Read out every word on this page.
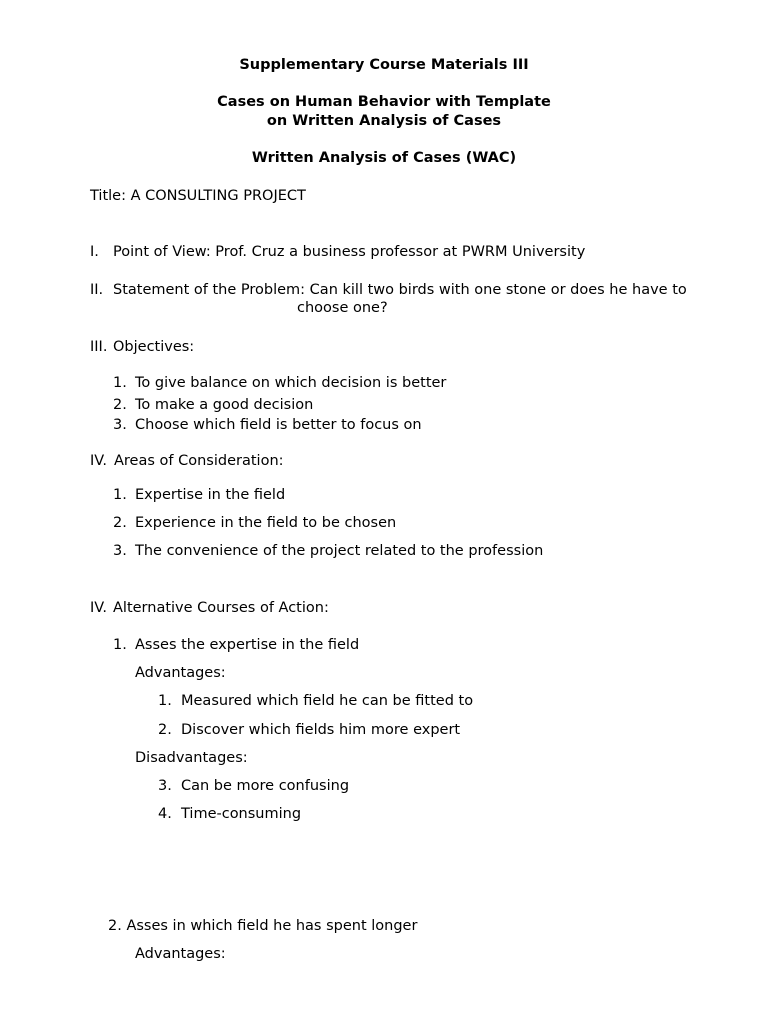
Supplementary Course Materials III
Cases on Human Behavior with Template
on Written Analysis of Cases
Written Analysis of Cases (WAC)
Title: A CONSULTING PROJECT
I. Point of View: Prof. Cruz a business professor at PWRM University
II. Statement of the Problem: Can kill two birds with one stone or does he have to
choose one?
III. Objectives:
1. To give balance on which decision is better
2. To make a good decision
3. Choose which field is better to focus on
IV. Areas of Consideration:
1. Expertise in the field
2. Experience in the field to be chosen
3. The convenience of the project related to the profession
IV. Alternative Courses of Action:
1. Asses the expertise in the field
Advantages:
1. Measured which field he can be fitted to
2. Discover which fields him more expert
Disadvantages:
3. Can be more confusing
4. Time-consuming
2. Asses in which field he has spent longer
Advantages:
